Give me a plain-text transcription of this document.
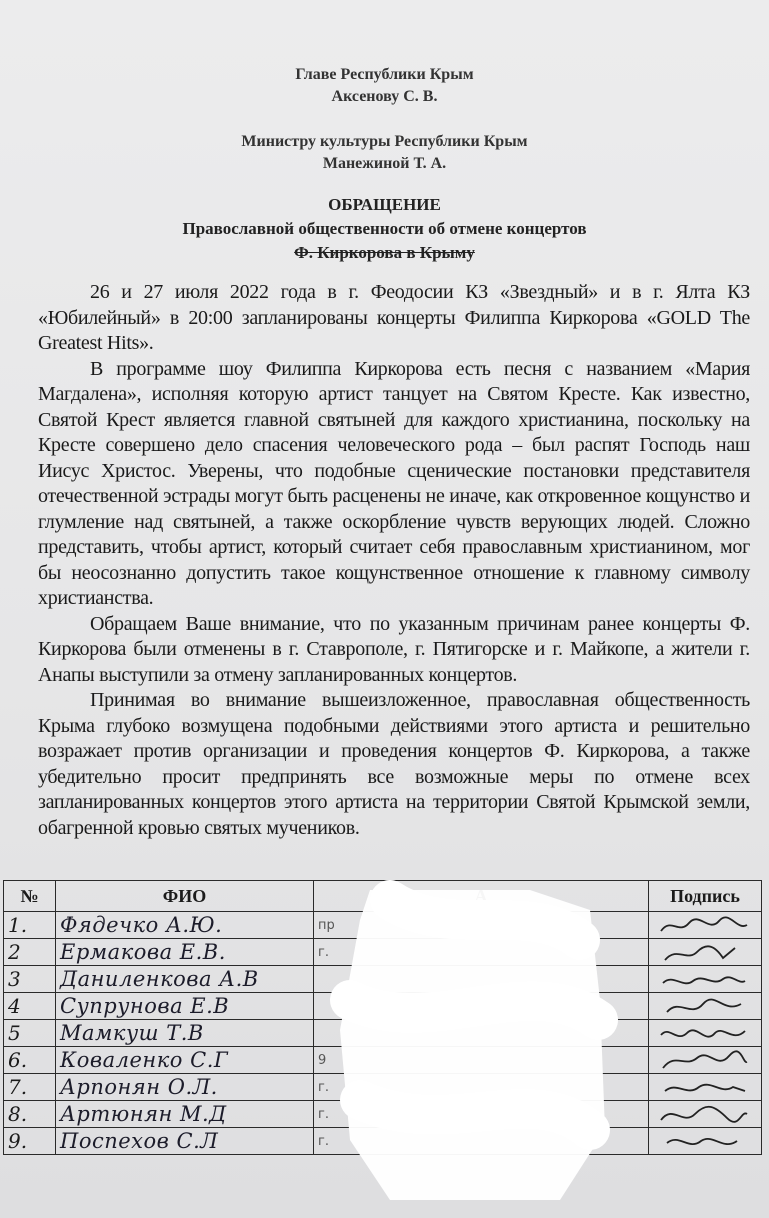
Главе Республики Крым
Аксенову С. В.
Министру культуры Республики Крым
Манежиной Т. А.
ОБРАЩЕНИЕ
Православной общественности об отмене концертов
Ф. Киркорова в Крыму

26 и 27 июля 2022 года в г. Феодосии КЗ «Звездный» и в г. Ялта КЗ «Юбилейный» в 20:00 запланированы концерты Филиппа Киркорова «GOLD The Greatest Hits».

В программе шоу Филиппа Киркорова есть песня с названием «Мария Магдалена», исполняя которую артист танцует на Святом Кресте. Как известно, Святой Крест является главной святыней для каждого христианина, поскольку на Кресте совершено дело спасения человеческого рода – был распят Господь наш Иисус Христос. Уверены, что подобные сценические постановки представителя отечественной эстрады могут быть расценены не иначе, как откровенное кощунство и глумление над святыней, а также оскорбление чувств верующих людей. Сложно представить, чтобы артист, который считает себя православным христианином, мог бы неосознанно допустить такое кощунственное отношение к главному символу христианства.

Обращаем Ваше внимание, что по указанным причинам ранее концерты Ф. Киркорова были отменены в г. Ставрополе, г. Пятигорске и г. Майкопе, а жители г. Анапы выступили за отмену запланированных концертов.

Принимая во внимание вышеизложенное, православная общественность Крыма глубоко возмущена подобными действиями этого артиста и решительно возражает против организации и проведения концертов Ф. Киркорова, а также убедительно просит предпринять все возможные меры по отмене всех запланированных концертов этого артиста на территории Святой Крымской земли, обагренной кровью святых мучеников.

№	ФИО		Подпись
1.	Фядечко А.Ю.	пр	

2	Ермакова Е.В.	г.	

3	Даниленкова А.В		

4	Супрунова Е.В		

5	Мамкуш Т.В		

6.	Коваленко С.Г	9	

7.	Арпонян О.Л.	г.	

8.	Артюнян М.Д	г.	

9.	Поспехов С.Л	г.	
